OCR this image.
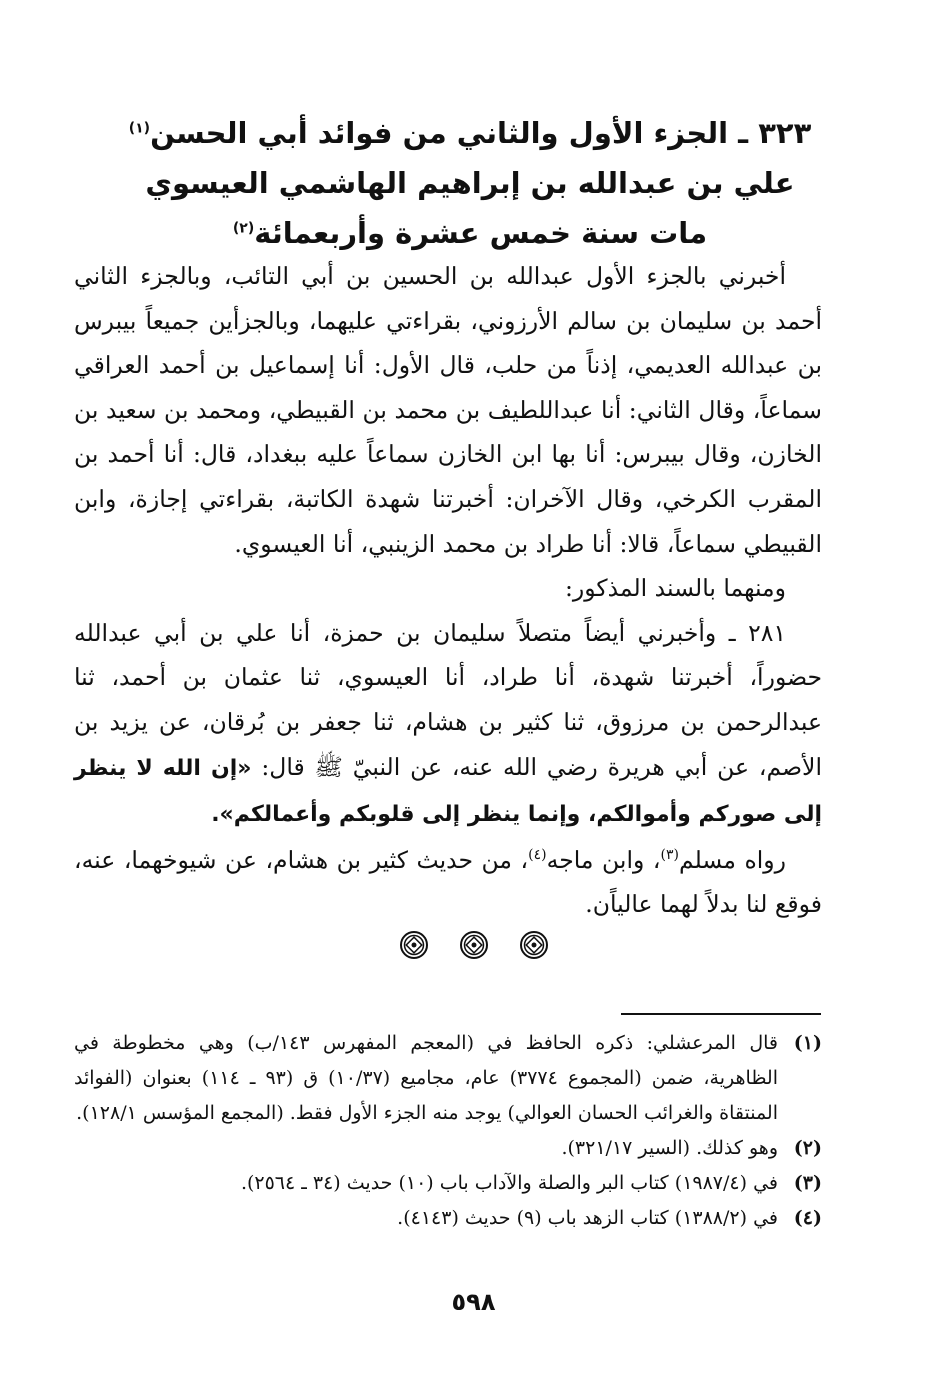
٣٢٣ ـ الجزء الأول والثاني من فوائد أبي الحسن$^{(١)}$
علي بن عبدالله بن إبراهيم الهاشمي العيسوي
مات سنة خمس عشرة وأربعمائة$^{(٢)}$

أخبرني بالجزء الأول عبدالله بن الحسين بن أبي التائب، وبالجزء الثاني أحمد بن سليمان بن سالم الأرزوني، بقراءتي عليهما، وبالجزأين جميعاً بيبرس بن عبدالله العديمي، إذناً من حلب، قال الأول: أنا إسماعيل بن أحمد العراقي سماعاً، وقال الثاني: أنا عبداللطيف بن محمد بن القبيطي، ومحمد بن سعيد بن الخازن، وقال بيبرس: أنا بها ابن الخازن سماعاً عليه ببغداد، قال: أنا أحمد بن المقرب الكرخي، وقال الآخران: أخبرتنا شهدة الكاتبة، بقراءتي إجازة، وابن القبيطي سماعاً، قالا: أنا طراد بن محمد الزينبي، أنا العيسوي.

ومنهما بالسند المذكور:

٢٨١ ـ وأخبرني أيضاً متصلاً سليمان بن حمزة، أنا علي بن أبي عبدالله حضوراً، أخبرتنا شهدة، أنا طراد، أنا العيسوي، ثنا عثمان بن أحمد، ثنا عبدالرحمن بن مرزوق، ثنا كثير بن هشام، ثنا جعفر بن بُرقان، عن يزيد بن الأصم، عن أبي هريرة رضي الله عنه، عن النبيّ ﷺ قال: «إن الله لا ينظر إلى صوركم وأموالكم، وإنما ينظر إلى قلوبكم وأعمالكم».

رواه مسلم$^{(٣)}$، وابن ماجه$^{(٤)}$، من حديث كثير بن هشام، عن شيوخهما، عنه، فوقع لنا بدلاً لهما عالياًن.

(١)
قال المرعشلي: ذكره الحافظ في (المعجم المفهرس ١٤٣/ب) وهي مخطوطة في الظاهرية، ضمن (المجموع ٣٧٧٤) عام، مجاميع (١٠/٣٧) ق (٩٣ ـ ١١٤) بعنوان (الفوائد المنتقاة والغرائب الحسان العوالي) يوجد منه الجزء الأول فقط. (المجمع المؤسس ١٢٨/١).
(٢)
وهو كذلك. (السير ٣٢١/١٧).
(٣)
في (١٩٨٧/٤) كتاب البر والصلة والآداب باب (١٠) حديث (٣٤ ـ ٢٥٦٤).
(٤)
في (١٣٨٨/٢) كتاب الزهد باب (٩) حديث (٤١٤٣).
٥٩٨
